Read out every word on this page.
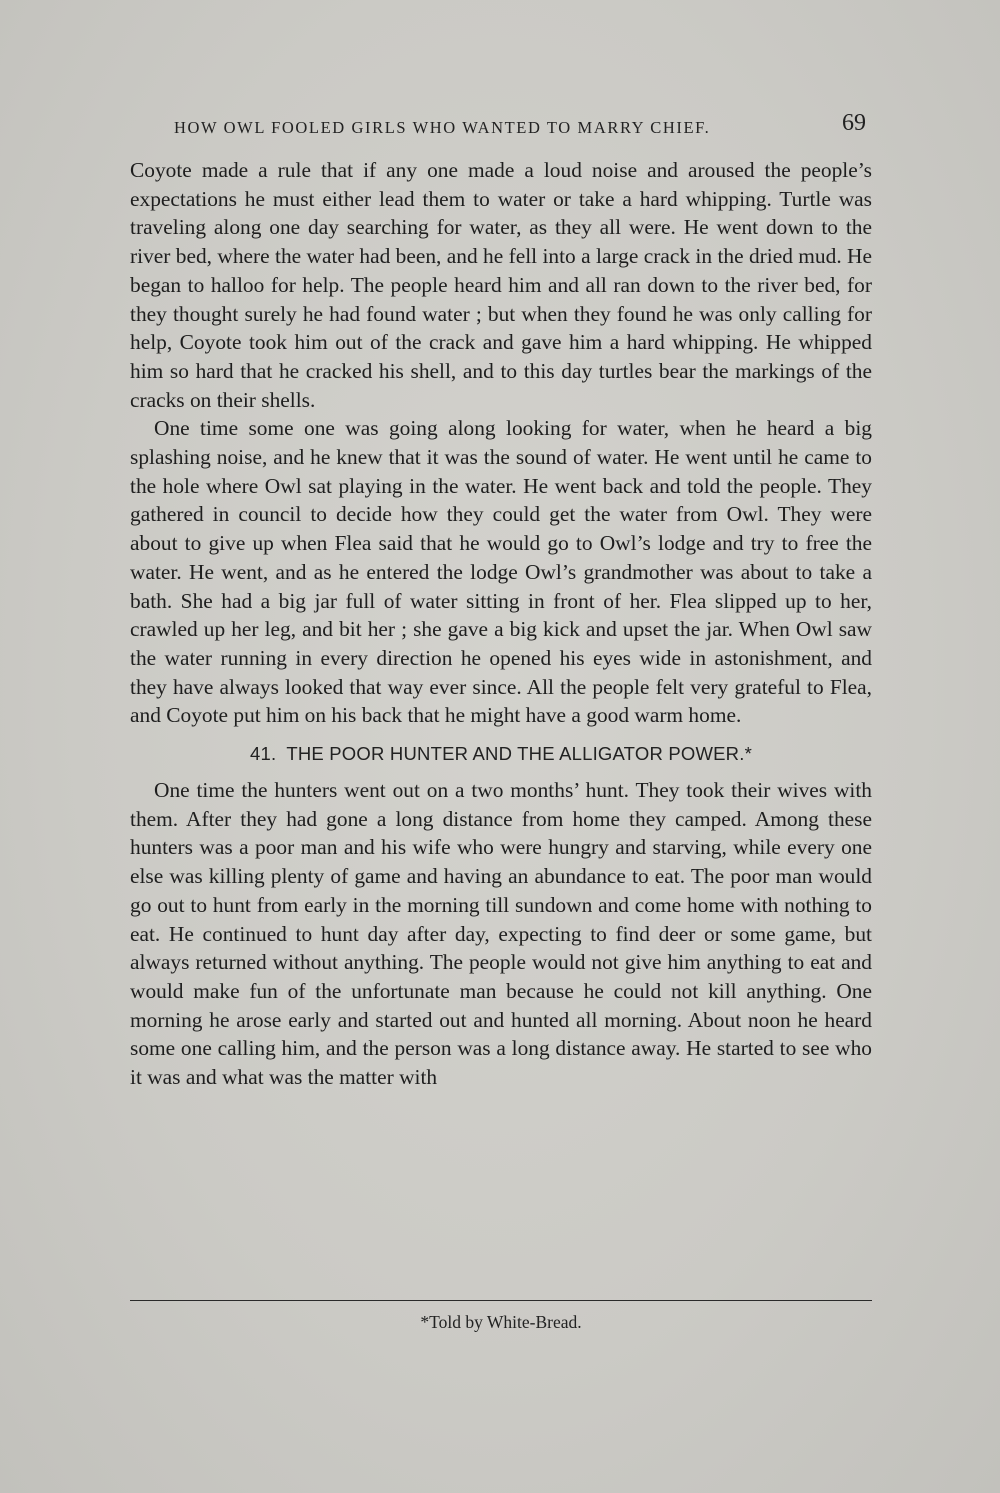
HOW OWL FOOLED GIRLS WHO WANTED TO MARRY CHIEF.	69

Coyote made a rule that if any one made a loud noise and aroused the people’s expectations he must either lead them to water or take a hard whipping. Turtle was traveling along one day searching for water, as they all were. He went down to the river bed, where the water had been, and he fell into a large crack in the dried mud. He began to halloo for help. The people heard him and all ran down to the river bed, for they thought surely he had found water ; but when they found he was only calling for help, Coyote took him out of the crack and gave him a hard whipping. He whipped him so hard that he cracked his shell, and to this day turtles bear the markings of the cracks on their shells.

One time some one was going along looking for water, when he heard a big splashing noise, and he knew that it was the sound of water. He went until he came to the hole where Owl sat playing in the water. He went back and told the people. They gathered in council to decide how they could get the water from Owl. They were about to give up when Flea said that he would go to Owl’s lodge and try to free the water. He went, and as he entered the lodge Owl’s grandmother was about to take a bath. She had a big jar full of water sitting in front of her. Flea slipped up to her, crawled up her leg, and bit her ; she gave a big kick and upset the jar. When Owl saw the water running in every direction he opened his eyes wide in astonishment, and they have always looked that way ever since. All the people felt very grateful to Flea, and Coyote put him on his back that he might have a good warm home.

41. THE POOR HUNTER AND THE ALLIGATOR POWER.*

One time the hunters went out on a two months’ hunt. They took their wives with them. After they had gone a long distance from home they camped. Among these hunters was a poor man and his wife who were hungry and starving, while every one else was killing plenty of game and having an abundance to eat. The poor man would go out to hunt from early in the morning till sundown and come home with nothing to eat. He continued to hunt day after day, expecting to find deer or some game, but always returned without anything. The people would not give him anything to eat and would make fun of the unfortunate man because he could not kill anything. One morning he arose early and started out and hunted all morning. About noon he heard some one calling him, and the person was a long distance away. He started to see who it was and what was the matter with

*Told by White-Bread.
